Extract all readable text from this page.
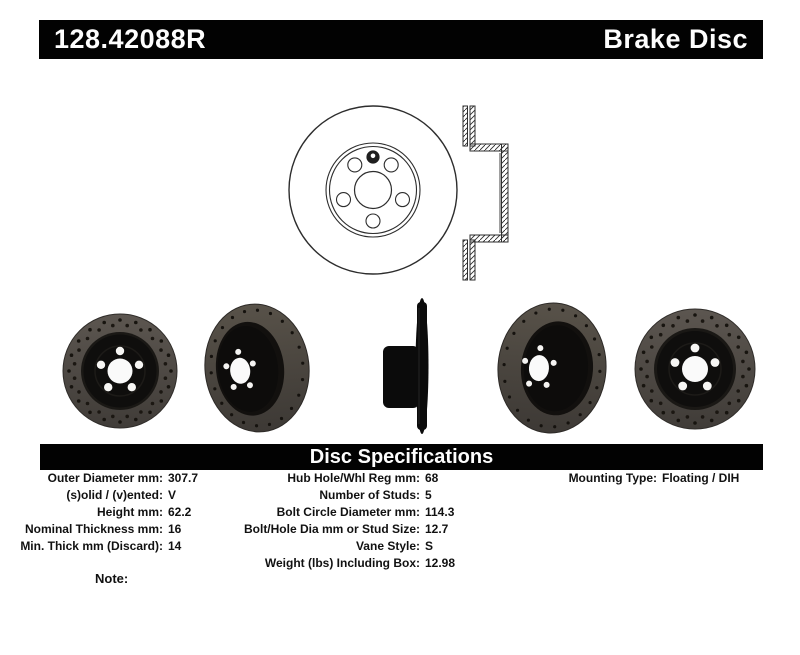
128.42088R	Brake Disc
Disc Specifications
Outer Diameter mm: 307.7
(s)olid / (v)ented: V
Height mm: 62.2
Nominal Thickness mm: 16
Min. Thick mm (Discard): 14
Hub Hole/Whl Reg mm: 68
Number of Studs: 5
Bolt Circle Diameter mm: 114.3
Bolt/Hole Dia mm or Stud Size: 12.7
Vane Style: S
Weight (lbs) Including Box: 12.98
Mounting Type: Floating / DIH
Note:
